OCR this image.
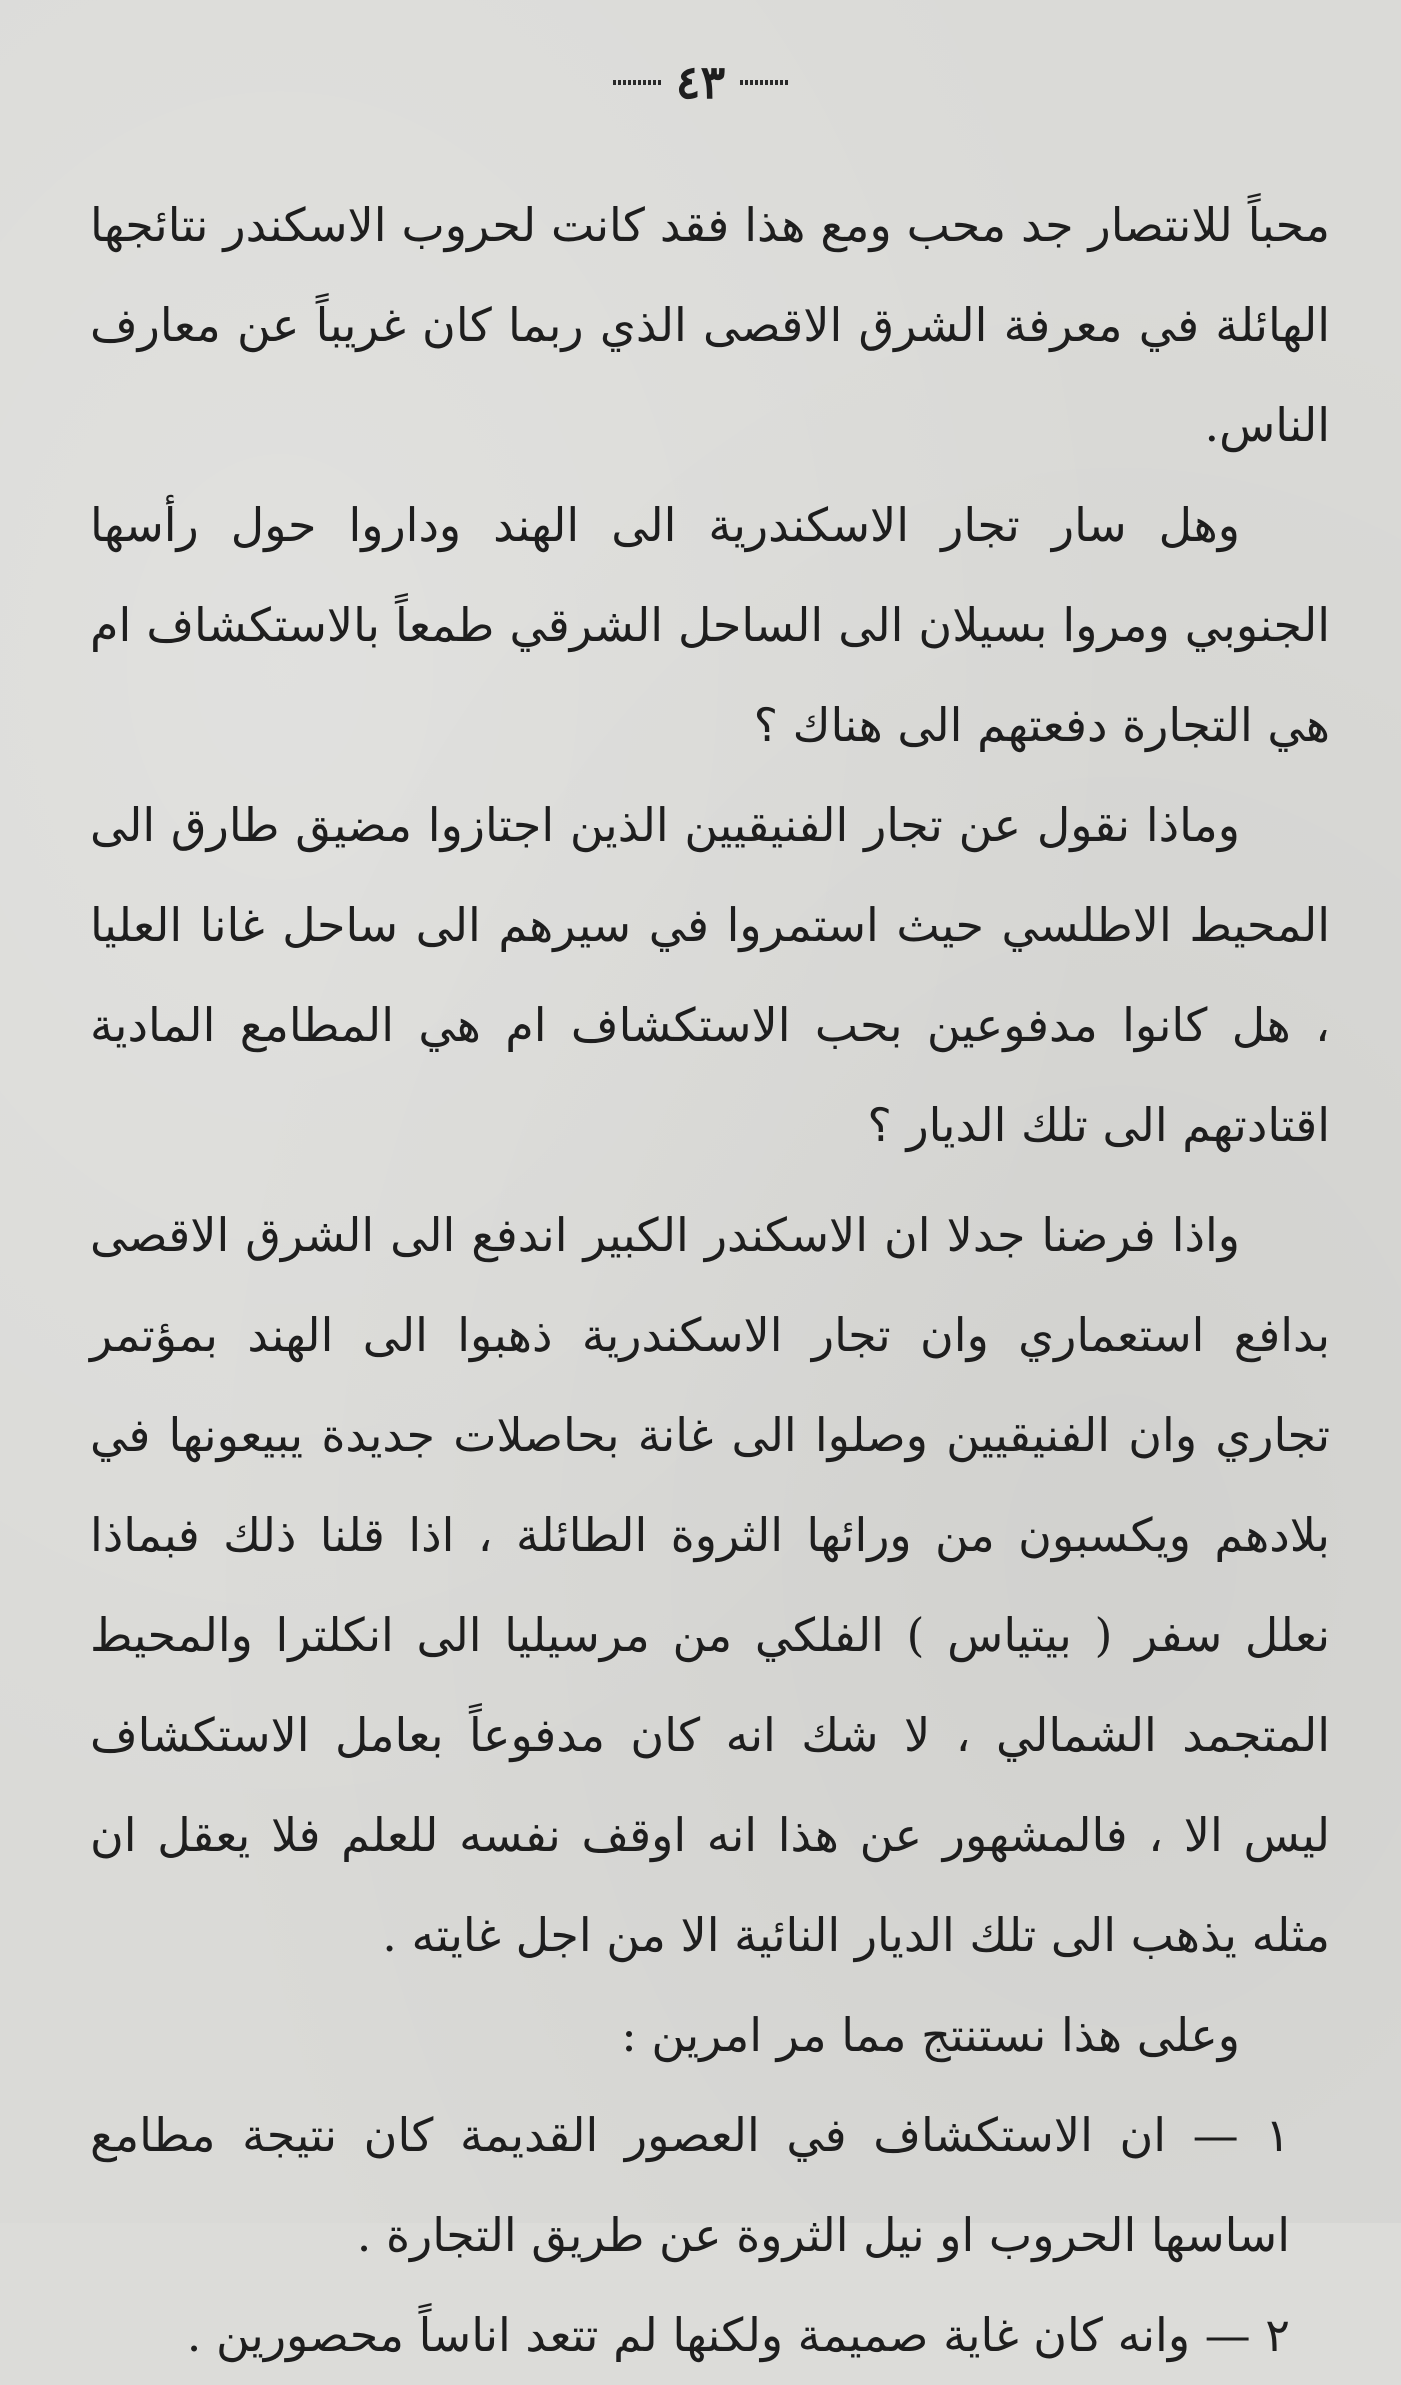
٤٣

محباً للانتصار جد محب ومع هذا فقد كانت لحروب الاسكندر نتائجها الهائلة في معرفة الشرق الاقصى الذي ربما كان غريباً عن معارف الناس.

وهل سار تجار الاسكندرية الى الهند وداروا حول رأسها الجنوبي ومروا بسيلان الى الساحل الشرقي طمعاً بالاستكشاف ام هي التجارة دفعتهم الى هناك ؟

وماذا نقول عن تجار الفنيقيين الذين اجتازوا مضيق طارق الى المحيط الاطلسي حيث استمروا في سيرهم الى ساحل غانا العليا ، هل كانوا مدفوعين بحب الاستكشاف ام هي المطامع المادية اقتادتهم الى تلك الديار ؟

واذا فرضنا جدلا ان الاسكندر الكبير اندفع الى الشرق الاقصى بدافع استعماري وان تجار الاسكندرية ذهبوا الى الهند بمؤتمر تجاري وان الفنيقيين وصلوا الى غانة بحاصلات جديدة يبيعونها في بلادهم ويكسبون من ورائها الثروة الطائلة ، اذا قلنا ذلك فبماذا نعلل سفر ( بيتياس ) الفلكي من مرسيليا الى انكلترا والمحيط المتجمد الشمالي ، لا شك انه كان مدفوعاً بعامل الاستكشاف ليس الا ، فالمشهور عن هذا انه اوقف نفسه للعلم فلا يعقل ان مثله يذهب الى تلك الديار النائية الا من اجل غايته .

وعلى هذا نستنتج مما مر امرين :

١ — ان الاستكشاف في العصور القديمة كان نتيجة مطامع اساسها الحروب او نيل الثروة عن طريق التجارة .

٢ — وانه كان غاية صميمة ولكنها لم تتعد اناساً محصورين .
